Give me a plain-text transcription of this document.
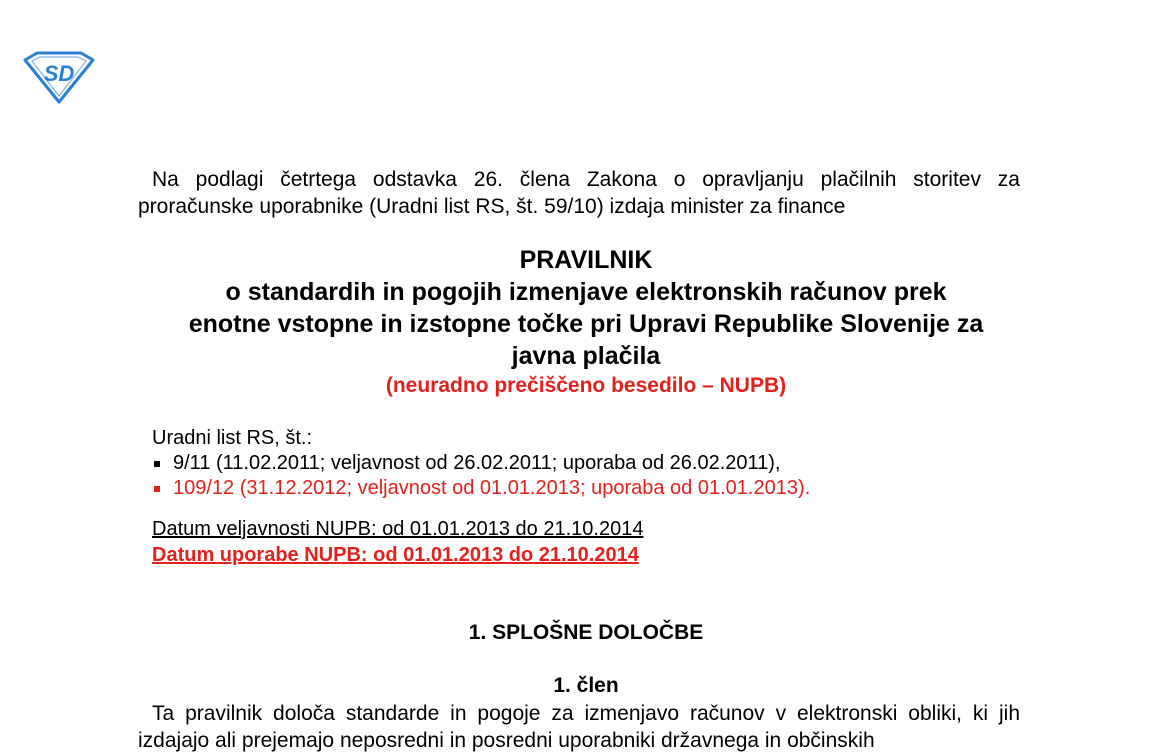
SD

Na podlagi četrtega odstavka 26. člena Zakona o opravljanju plačilnih storitev za proračunske uporabnike (Uradni list RS, št. 59/10) izdaja minister za finance

PRAVILNIK
o standardih in pogojih izmenjave elektronskih računov prek
enotne vstopne in izstopne točke pri Upravi Republike Slovenije za
javna plačila
(neuradno prečiščeno besedilo – NUPB)
Uradni list RS, št.:
9/11 (11.02.2011; veljavnost od 26.02.2011; uporaba od 26.02.2011),
109/12 (31.12.2012; veljavnost od 01.01.2013; uporaba od 01.01.2013).
Datum veljavnosti NUPB: od 01.01.2013 do 21.10.2014
Datum uporabe NUPB: od 01.01.2013 do 21.10.2014
1. SPLOŠNE DOLOČBE
1. člen

Ta pravilnik določa standarde in pogoje za izmenjavo računov v elektronski obliki, ki jih izdajajo ali prejemajo neposredni in posredni uporabniki državnega in občinskih
